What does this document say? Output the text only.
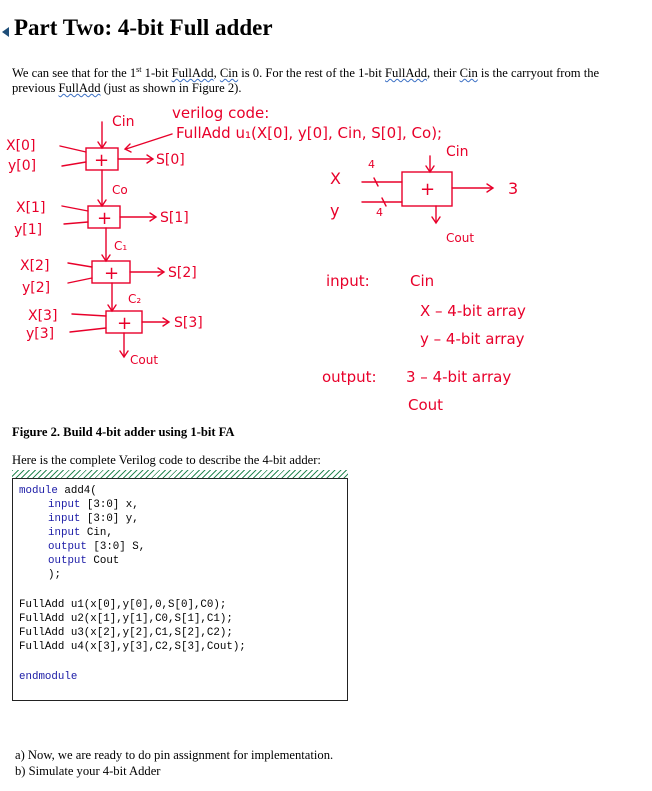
Part Two: 4-bit Full adder
We can see that for the 1st 1-bit FullAdd, Cin is 0. For the rest of the 1-bit FullAdd, their Cin is the carryout from the previous FullAdd (just as shown in Figure 2).
Cin verilog code:
FullAdd u₁(X[0], y[0], Cin, S[0], Co);
X[0]
y[0]	+	S[0]
Co
X[1]
y[1]
+	S[1]
C₁
X[2]
y[2]
+	S[2]
C₂
X[3]
y[3]	+	S[3]
Cout
X
y
4
4
+
Cin
3
Cout
input:	Cin
X – 4-bit array
y – 4-bit array
output: 3 – 4-bit array
Cout
Figure 2. Build 4-bit adder using 1-bit FA
Here is the complete Verilog code to describe the 4-bit adder:
module add4(
input [3:0] x,
input [3:0] y,
input Cin,
output [3:0] S,
output Cout
);
FullAdd u1(x[0],y[0],0,S[0],C0);
FullAdd u2(x[1],y[1],C0,S[1],C1);
FullAdd u3(x[2],y[2],C1,S[2],C2);
FullAdd u4(x[3],y[3],C2,S[3],Cout);
endmodule
a) Now, we are ready to do pin assignment for implementation.
b) Simulate your 4-bit Adder
